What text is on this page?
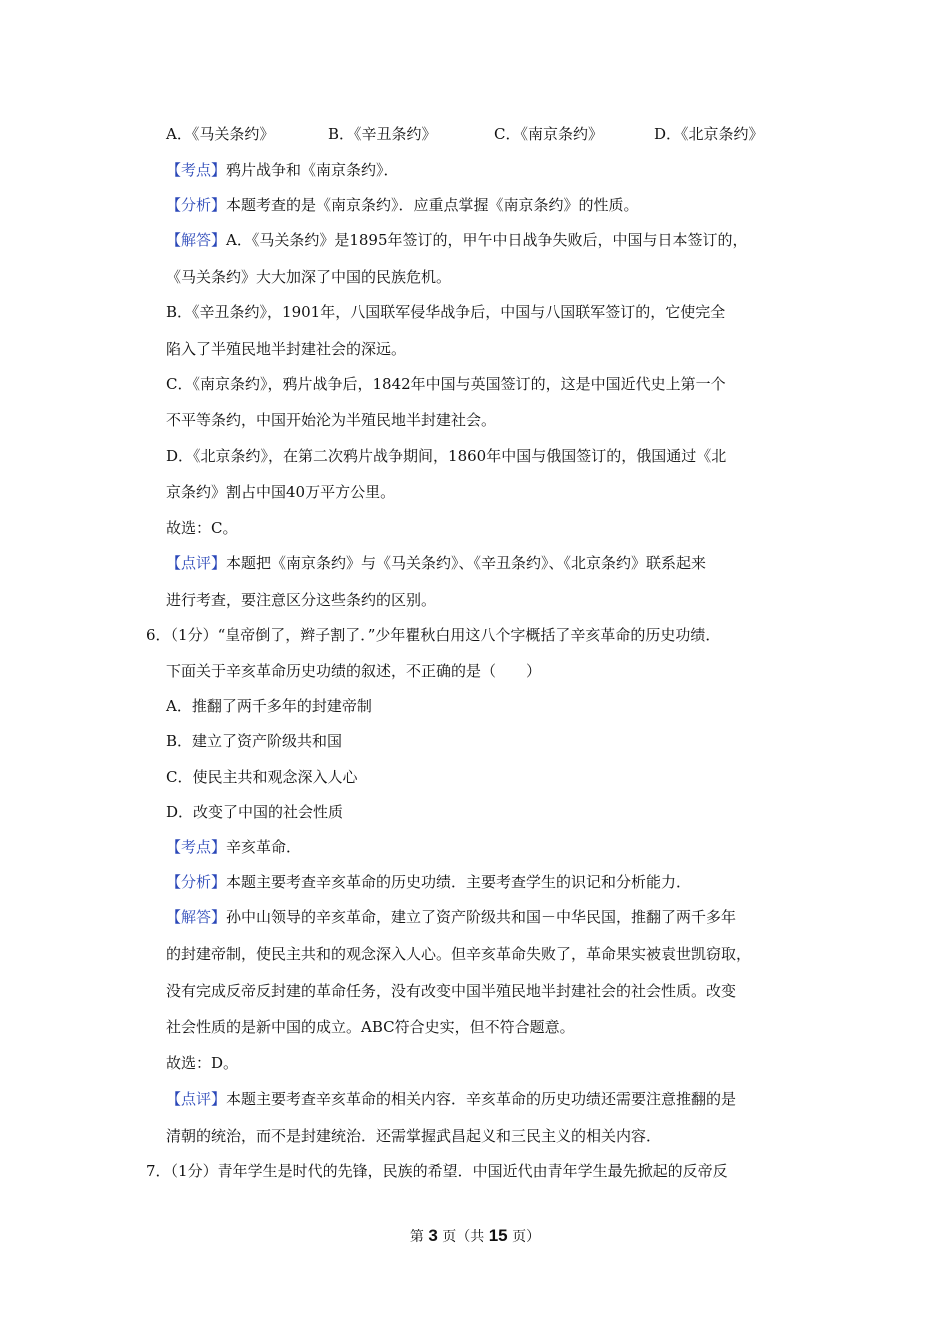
A．《马关条约》	B．《辛丑条约》	C．《南京条约》	D．《北京条约》
【考点】鸦片战争和《南京条约》．
【分析】本题考查的是《南京条约》．应重点掌握《南京条约》的性质。
【解答】A．《马关条约》是1895年签订的，甲午中日战争失败后，中国与日本签订的，
《马关条约》大大加深了中国的民族危机。
B．《辛丑条约》，1901年，八国联军侵华战争后，中国与八国联军签订的，它使完全
陷入了半殖民地半封建社会的深远。
C．《南京条约》，鸦片战争后，1842年中国与英国签订的，这是中国近代史上第一个
不平等条约，中国开始沦为半殖民地半封建社会。
D．《北京条约》，在第二次鸦片战争期间，1860年中国与俄国签订的，俄国通过《北
京条约》割占中国40万平方公里。
故选：C。
【点评】本题把《南京条约》与《马关条约》、《辛丑条约》、《北京条约》联系起来
进行考查，要注意区分这些条约的区别。
6．（1分）“皇帝倒了，辫子割了．”少年瞿秋白用这八个字概括了辛亥革命的历史功绩．
下面关于辛亥革命历史功绩的叙述，不正确的是（　　）
A．推翻了两千多年的封建帝制
B．建立了资产阶级共和国
C．使民主共和观念深入人心
D．改变了中国的社会性质
【考点】辛亥革命．
【分析】本题主要考查辛亥革命的历史功绩．主要考查学生的识记和分析能力．
【解答】孙中山领导的辛亥革命，建立了资产阶级共和国－中华民国，推翻了两千多年
的封建帝制，使民主共和的观念深入人心。但辛亥革命失败了，革命果实被袁世凯窃取，
没有完成反帝反封建的革命任务，没有改变中国半殖民地半封建社会的社会性质。改变
社会性质的是新中国的成立。ABC符合史实，但不符合题意。
故选：D。
【点评】本题主要考查辛亥革命的相关内容．辛亥革命的历史功绩还需要注意推翻的是
清朝的统治，而不是封建统治．还需掌握武昌起义和三民主义的相关内容．
7．（1分）青年学生是时代的先锋，民族的希望．中国近代由青年学生最先掀起的反帝反
第 3 页（共 15 页）
